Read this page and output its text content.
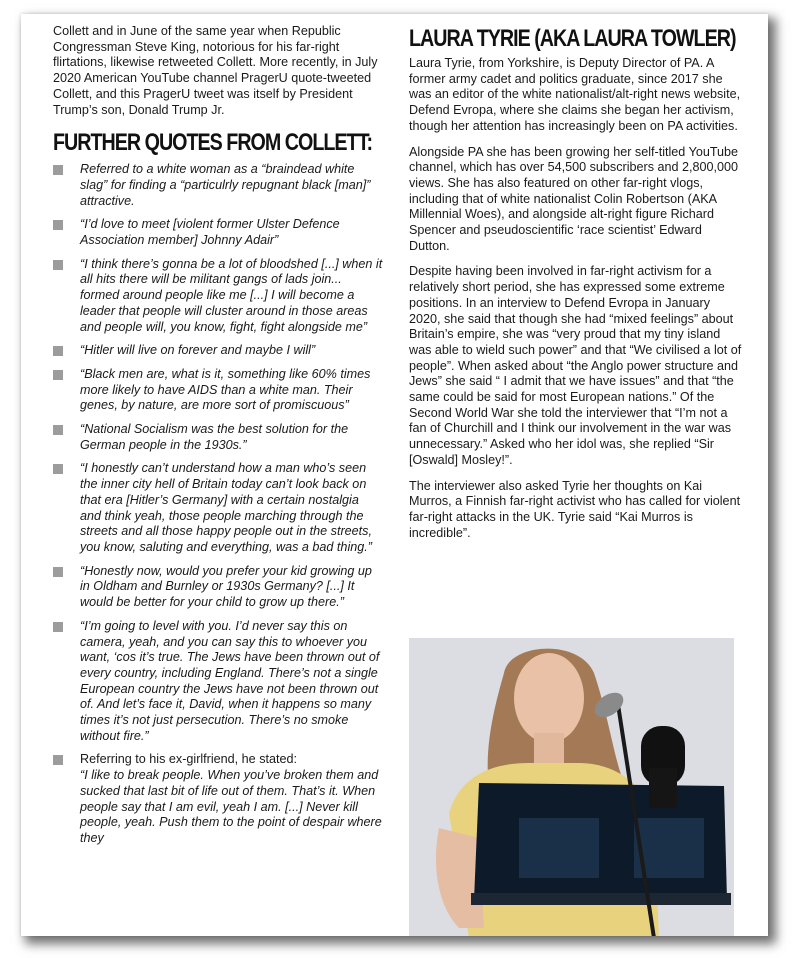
Collett and in June of the same year when Republic Congressman Steve King, notorious for his far-right flirtations, likewise retweeted Collett. More recently, in July 2020 American YouTube channel PragerU quote-tweeted Collett, and this PragerU tweet was itself by President Trump’s son, Donald Trump Jr.

FURTHER QUOTES FROM COLLETT:
Referred to a white woman as a “braindead white slag” for finding a “particulrly repugnant black [man]” attractive.
“I’d love to meet [violent former Ulster Defence Association member] Johnny Adair”
“I think there’s gonna be a lot of bloodshed [...] when it all hits there will be militant gangs of lads join... formed around people like me [...] I will become a leader that people will cluster around in those areas and people will, you know, fight, fight alongside me”
“Hitler will live on forever and maybe I will”
“Black men are, what is it, something like 60% times more likely to have AIDS than a white man. Their genes, by nature, are more sort of promiscuous”
“National Socialism was the best solution for the German people in the 1930s.”
“I honestly can’t understand how a man who’s seen the inner city hell of Britain today can’t look back on that era [Hitler’s Germany] with a certain nostalgia and think yeah, those people marching through the streets and all those happy people out in the streets, you know, saluting and everything, was a bad thing.”
“Honestly now, would you prefer your kid growing up in Oldham and Burnley or 1930s Germany? [...] It would be better for your child to grow up there.”
“I’m going to level with you. I’d never say this on camera, yeah, and you can say this to whoever you want, ‘cos it’s true. The Jews have been thrown out of every country, including England. There’s not a single European country the Jews have not been thrown out of. And let’s face it, David, when it happens so many times it’s not just persecution. There’s no smoke without fire.”
Referring to his ex-girlfriend, he stated:
“I like to break people. When you’ve broken them and sucked that last bit of life out of them. That’s it. When people say that I am evil, yeah I am. [...] Never kill people, yeah. Push them to the point of despair where they
LAURA TYRIE (AKA LAURA TOWLER)

Laura Tyrie, from Yorkshire, is Deputy Director of PA. A former army cadet and politics graduate, since 2017 she was an editor of the white nationalist/alt-right news website, Defend Evropa, where she claims she began her activism, though her attention has increasingly been on PA activities.

Alongside PA she has been growing her self-titled YouTube channel, which has over 54,500 subscribers and 2,800,000 views. She has also featured on other far-right vlogs, including that of white nationalist Colin Robertson (AKA Millennial Woes), and alongside alt-right figure Richard Spencer and pseudoscientific ‘race scientist’ Edward Dutton.

Despite having been involved in far-right activism for a relatively short period, she has expressed some extreme positions. In an interview to Defend Evropa in January 2020, she said that though she had “mixed feelings” about Britain’s empire, she was “very proud that my tiny island was able to wield such power” and that “We civilised a lot of people”. When asked about “the Anglo power structure and Jews” she said “ I admit that we have issues” and that “the same could be said for most European nations.” Of the Second World War she told the interviewer that “I’m not a fan of Churchill and I think our involvement in the war was unnecessary.” Asked who her idol was, she replied “Sir [Oswald] Mosley!”.

The interviewer also asked Tyrie her thoughts on Kai Murros, a Finnish far-right activist who has called for violent far-right attacks in the UK. Tyrie said “Kai Murros is incredible”.
